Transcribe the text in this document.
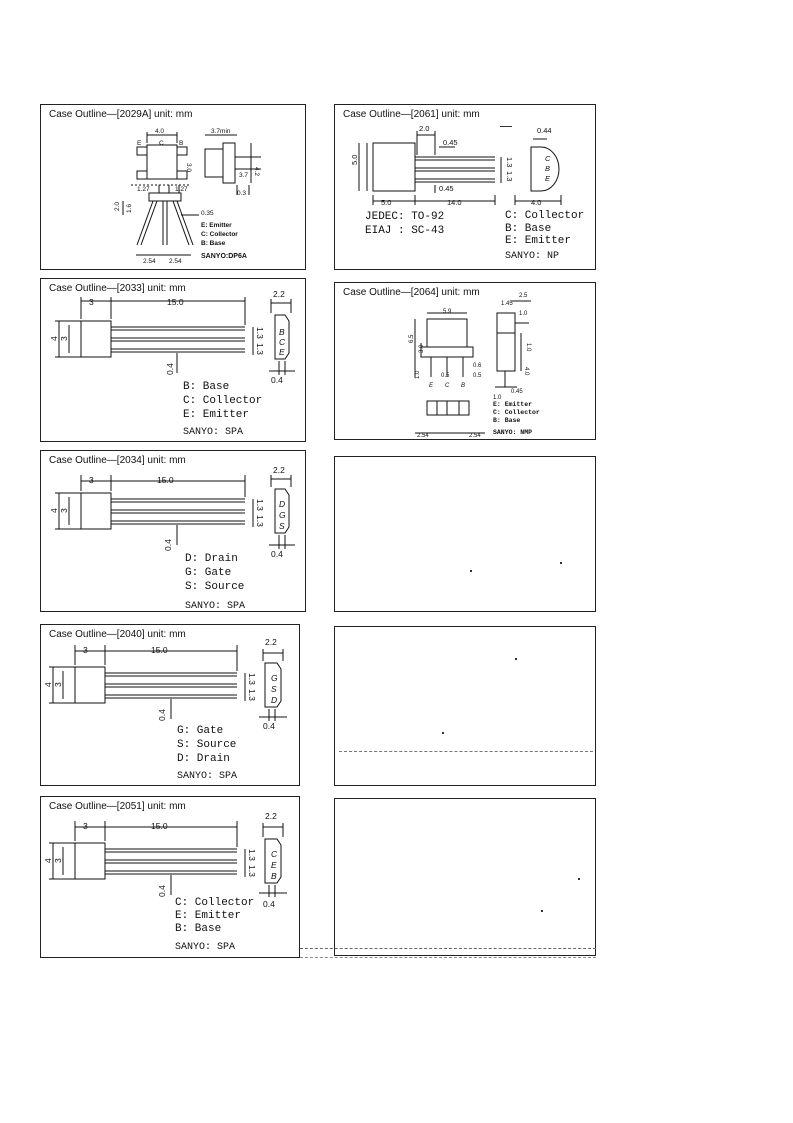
Case Outline—[2029A] unit: mm
3.7min
4.0
E	C B
4.2
3.0
3.7
0.3
1.27	1.27
2.0 1.6
0.35
2.54 2.54
E: Emitter
C: Collector
B: Base
SANYO:DP6A
Case Outline—[2061] unit: mm
2.0
0.45
0.45
5.0
5.0	14.0
1.3
1.3
0.44
4.0
C
B
E
JEDEC: TO-92
EIAJ : SC-43
C: Collector
B: Base
E: Emitter
SANYO: NP
Case Outline—[2033] unit: mm
3	15.0
2.2
4 3	1.3
1.3
0.4
0.4
B
C
E
B: Base
C: Collector
E: Emitter
SANYO: SPA
Case Outline—[2064] unit: mm
1.45
2.5
5.9	1.0
6.5
3.0	1.0
0.6
0.5
0.5
1.0	4.0
0.45
2.54	2.54
1.0
E C B
E: Emitter
C: Collector
B: Base
SANYO: NMP
Case Outline—[2034] unit: mm
3	15.0
2.2
4 3	1.3
1.3
0.4
0.4
D
G
S
D: Drain
G: Gate
S: Source
SANYO: SPA
Case Outline—[2040] unit: mm
3	15.0
2.2
4 3	1.3
1.3
0.4
0.4
G
S
D
G: Gate
S: Source
D: Drain
SANYO: SPA
Case Outline—[2051] unit: mm
3	15.0
2.2
4 3	1.3
1.3
0.4
0.4
C
E
B
C: Collector
E: Emitter
B: Base
SANYO: SPA
